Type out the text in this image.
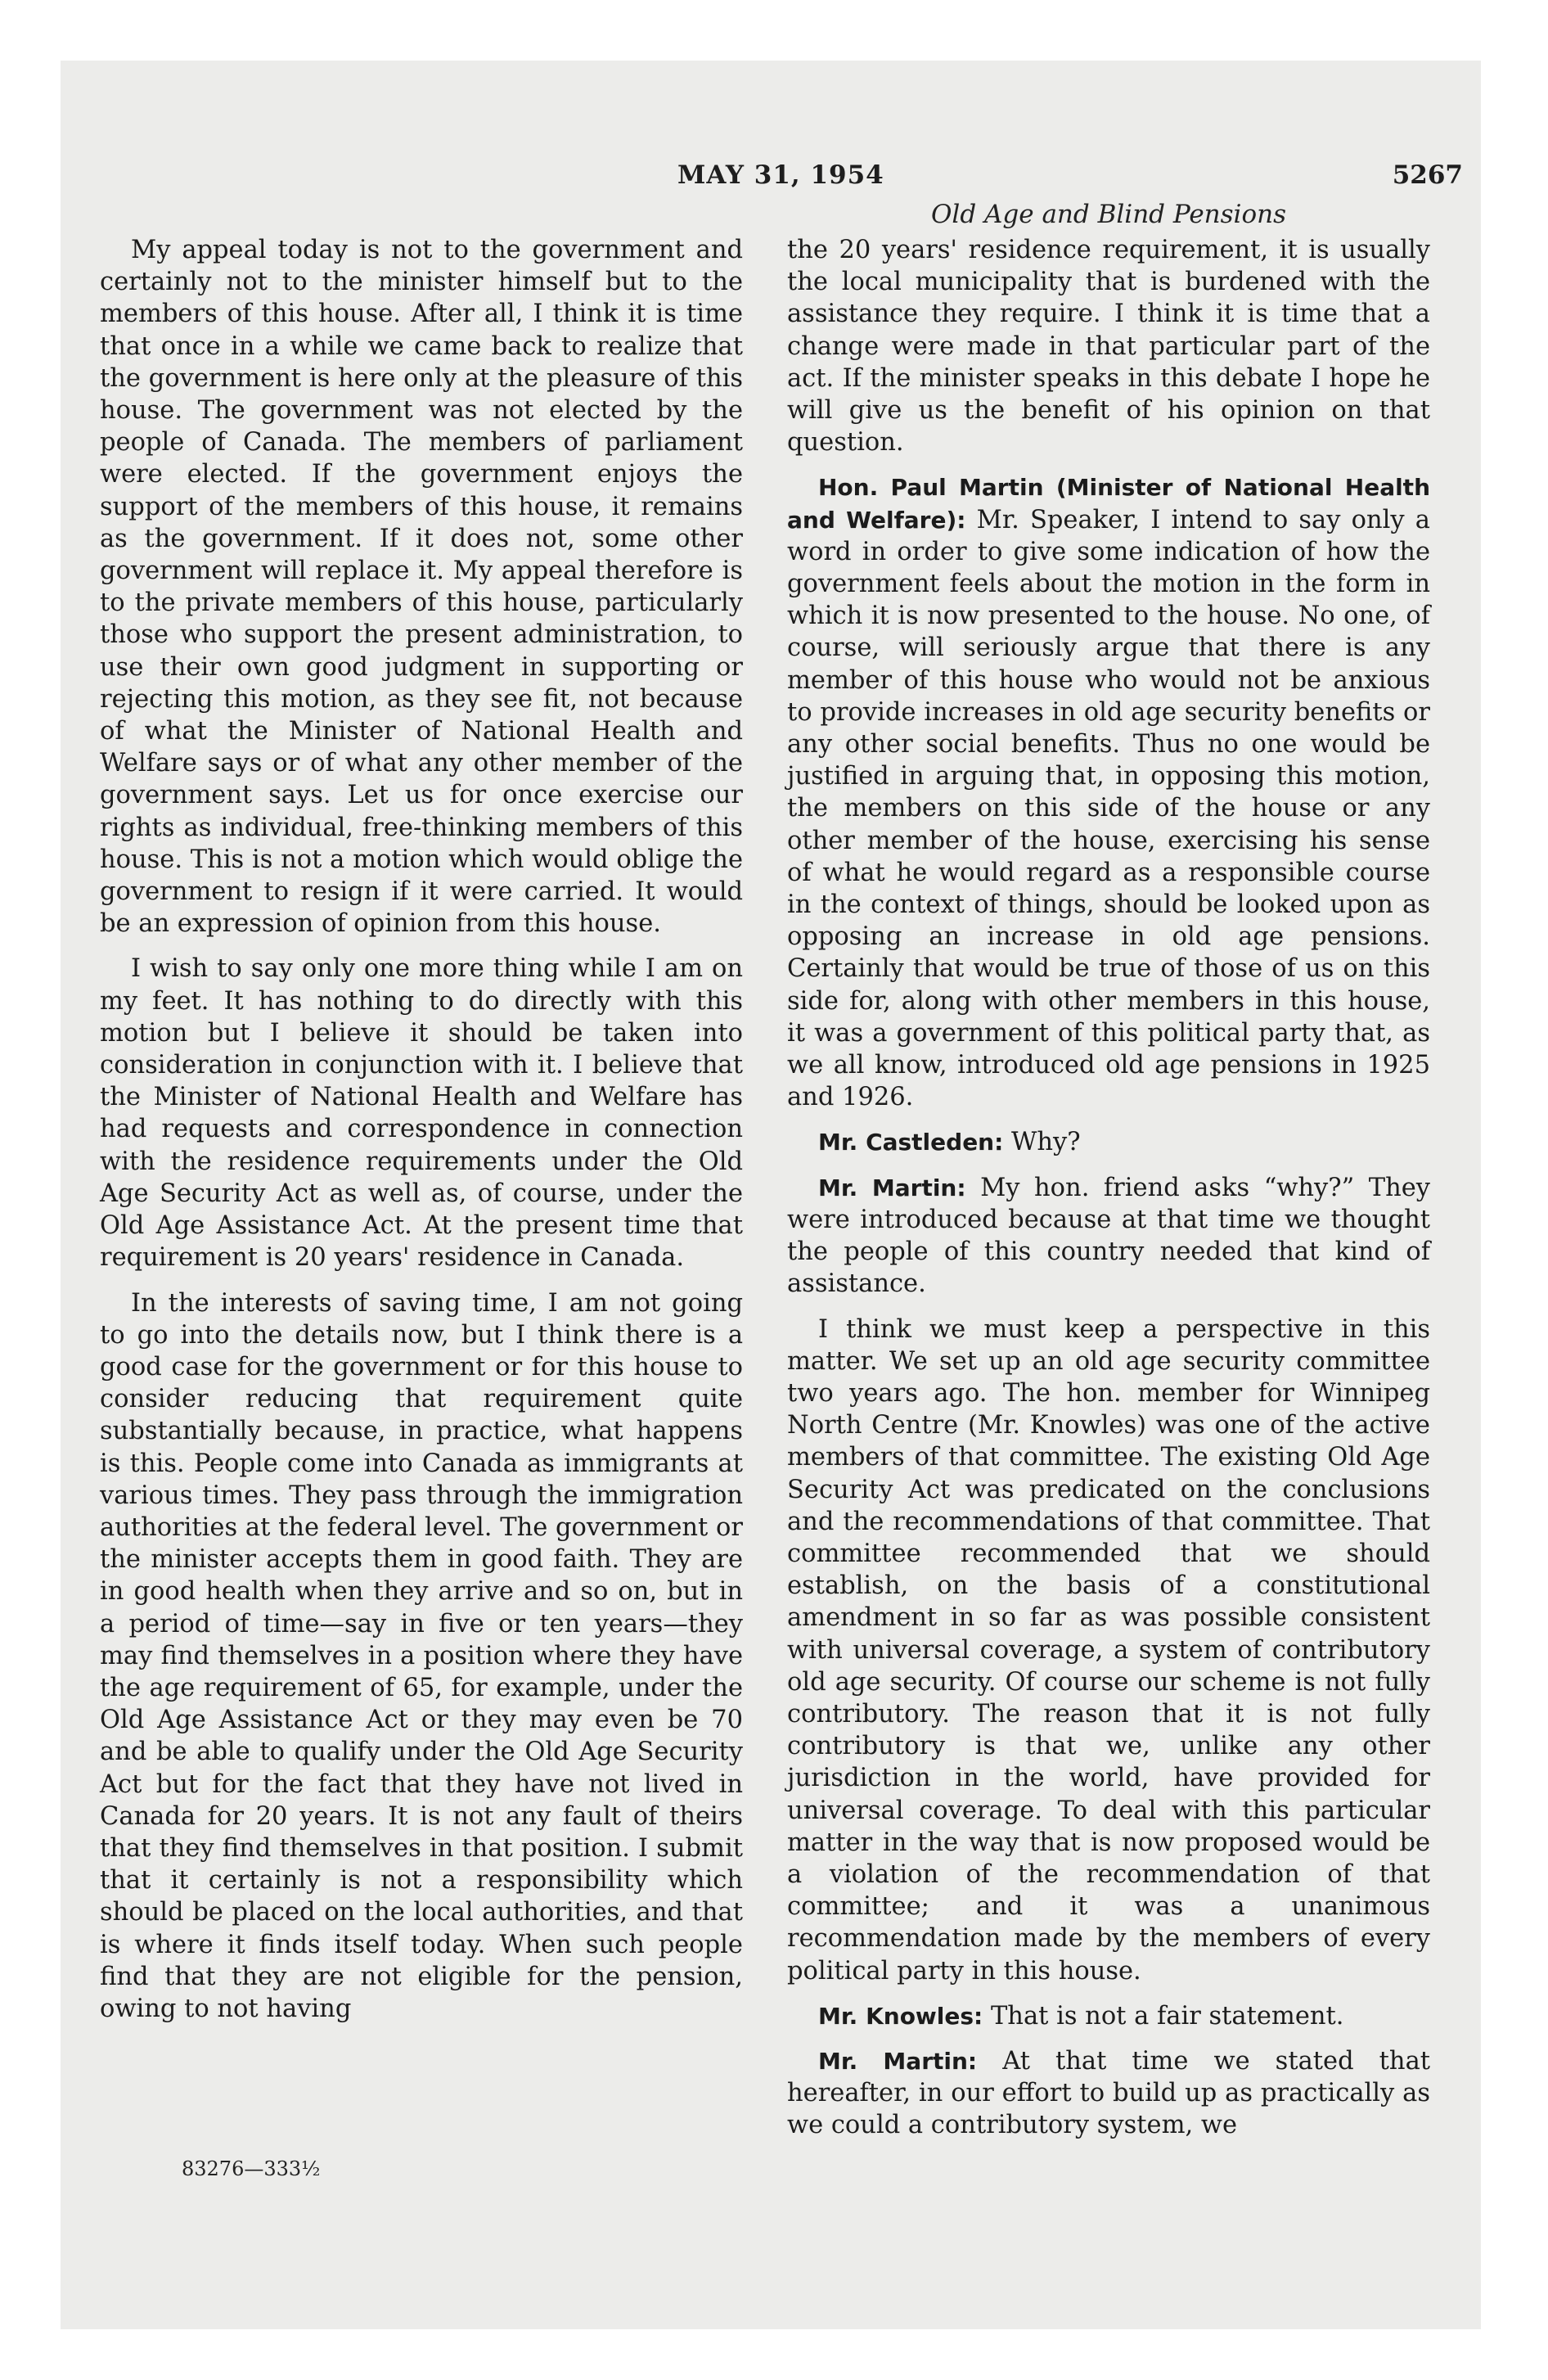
MAY 31, 1954	5267
Old Age and Blind Pensions

My appeal today is not to the government and certainly not to the minister himself but to the members of this house. After all, I think it is time that once in a while we came back to realize that the government is here only at the pleasure of this house. The government was not elected by the people of Canada. The members of parliament were elected. If the government enjoys the support of the members of this house, it remains as the government. If it does not, some other government will replace it. My appeal therefore is to the private members of this house, particularly those who support the present administration, to use their own good judgment in supporting or rejecting this motion, as they see fit, not because of what the Minister of National Health and Welfare says or of what any other member of the government says. Let us for once exercise our rights as individual, free-thinking members of this house. This is not a motion which would oblige the government to resign if it were carried. It would be an expression of opinion from this house.

I wish to say only one more thing while I am on my feet. It has nothing to do directly with this motion but I believe it should be taken into consideration in conjunction with it. I believe that the Minister of National Health and Welfare has had requests and correspondence in connection with the residence requirements under the Old Age Security Act as well as, of course, under the Old Age Assistance Act. At the present time that requirement is 20 years' residence in Canada.

In the interests of saving time, I am not going to go into the details now, but I think there is a good case for the government or for this house to consider reducing that requirement quite substantially because, in practice, what happens is this. People come into Canada as immigrants at various times. They pass through the immigration authorities at the federal level. The government or the minister accepts them in good faith. They are in good health when they arrive and so on, but in a period of time—say in five or ten years—they may find themselves in a position where they have the age requirement of 65, for example, under the Old Age Assistance Act or they may even be 70 and be able to qualify under the Old Age Security Act but for the fact that they have not lived in Canada for 20 years. It is not any fault of theirs that they find themselves in that position. I submit that it certainly is not a responsibility which should be placed on the local authorities, and that is where it finds itself today. When such people find that they are not eligible for the pension, owing to not having

the 20 years' residence requirement, it is usually the local municipality that is burdened with the assistance they require. I think it is time that a change were made in that particular part of the act. If the minister speaks in this debate I hope he will give us the benefit of his opinion on that question.

Hon. Paul Martin (Minister of National Health and Welfare): Mr. Speaker, I intend to say only a word in order to give some indication of how the government feels about the motion in the form in which it is now presented to the house. No one, of course, will seriously argue that there is any member of this house who would not be anxious to provide increases in old age security benefits or any other social benefits. Thus no one would be justified in arguing that, in opposing this motion, the members on this side of the house or any other member of the house, exercising his sense of what he would regard as a responsible course in the context of things, should be looked upon as opposing an increase in old age pensions. Certainly that would be true of those of us on this side for, along with other members in this house, it was a government of this political party that, as we all know, introduced old age pensions in 1925 and 1926.

Mr. Castleden: Why?

Mr. Martin: My hon. friend asks “why?” They were introduced because at that time we thought the people of this country needed that kind of assistance.

I think we must keep a perspective in this matter. We set up an old age security committee two years ago. The hon. member for Winnipeg North Centre (Mr. Knowles) was one of the active members of that committee. The existing Old Age Security Act was predicated on the conclusions and the recommendations of that committee. That committee recommended that we should establish, on the basis of a constitutional amendment in so far as was possible consistent with universal coverage, a system of contributory old age security. Of course our scheme is not fully contributory. The reason that it is not fully contributory is that we, unlike any other jurisdiction in the world, have provided for universal coverage. To deal with this particular matter in the way that is now proposed would be a violation of the recommendation of that committee; and it was a unanimous recommendation made by the members of every political party in this house.

Mr. Knowles: That is not a fair statement.

Mr. Martin: At that time we stated that hereafter, in our effort to build up as practically as we could a contributory system, we

83276—333½
